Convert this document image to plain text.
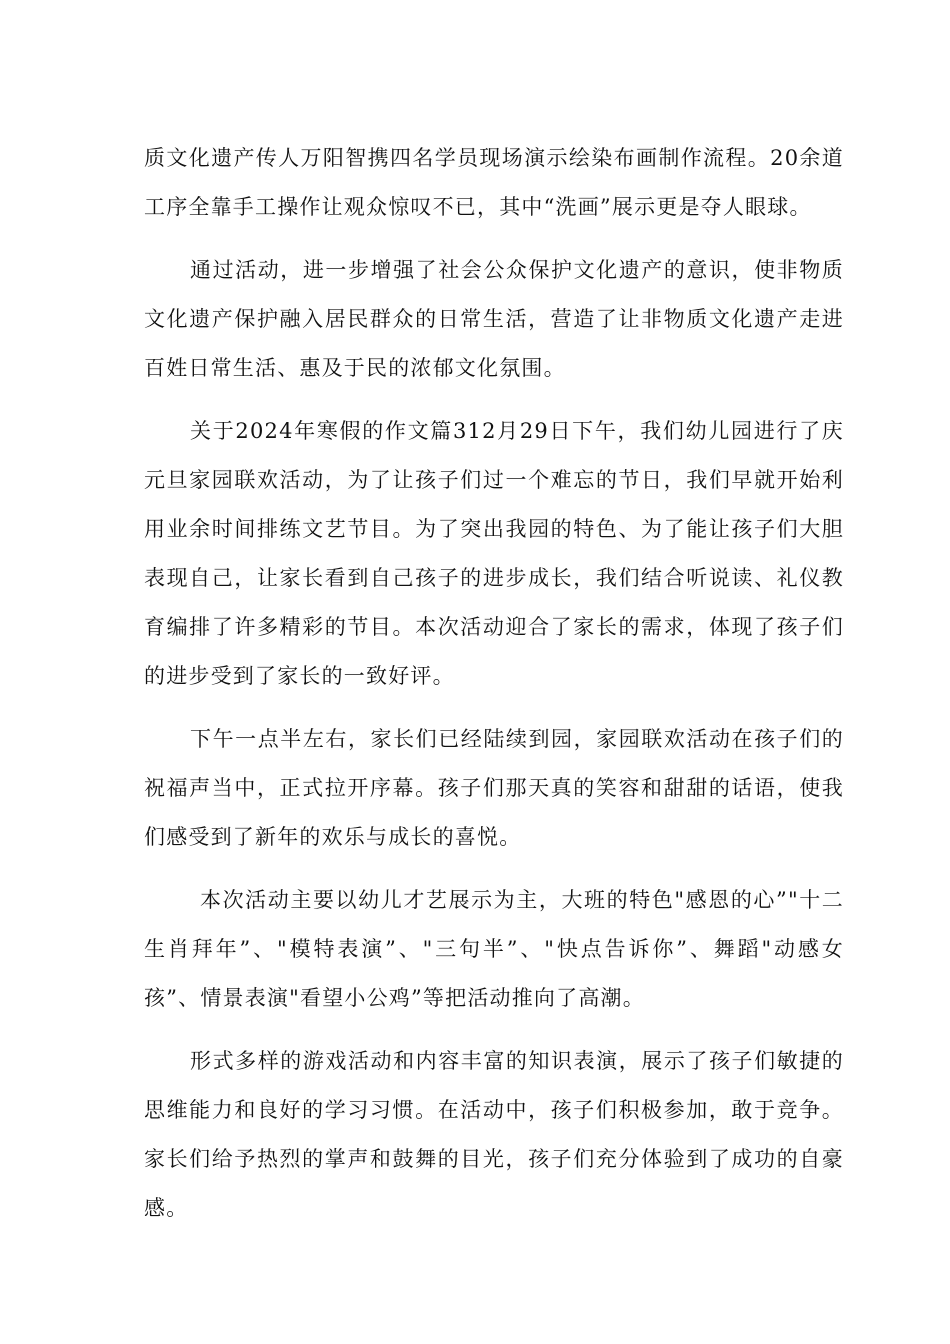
质文化遗产传人万阳智携四名学员现场演示绘染布画制作流程。20余道工序全靠手工操作让观众惊叹不已，其中“洗画”展示更是夺人眼球。

通过活动，进一步增强了社会公众保护文化遗产的意识，使非物质文化遗产保护融入居民群众的日常生活，营造了让非物质文化遗产走进百姓日常生活、惠及于民的浓郁文化氛围。

关于2024年寒假的作文篇312月29日下午，我们幼儿园进行了庆元旦家园联欢活动，为了让孩子们过一个难忘的节日，我们早就开始利用业余时间排练文艺节目。为了突出我园的特色、为了能让孩子们大胆表现自己，让家长看到自己孩子的进步成长，我们结合听说读、礼仪教育编排了许多精彩的节目。本次活动迎合了家长的需求，体现了孩子们的进步受到了家长的一致好评。

下午一点半左右，家长们已经陆续到园，家园联欢活动在孩子们的祝福声当中，正式拉开序幕。孩子们那天真的笑容和甜甜的话语，使我们感受到了新年的欢乐与成长的喜悦。

本次活动主要以幼儿才艺展示为主，大班的特色"感恩的心”"十二生肖拜年”、"模特表演”、"三句半”、"快点告诉你”、舞蹈"动感女孩”、情景表演"看望小公鸡”等把活动推向了高潮。

形式多样的游戏活动和内容丰富的知识表演，展示了孩子们敏捷的思维能力和良好的学习习惯。在活动中，孩子们积极参加，敢于竞争。家长们给予热烈的掌声和鼓舞的目光，孩子们充分体验到了成功的自豪感。
